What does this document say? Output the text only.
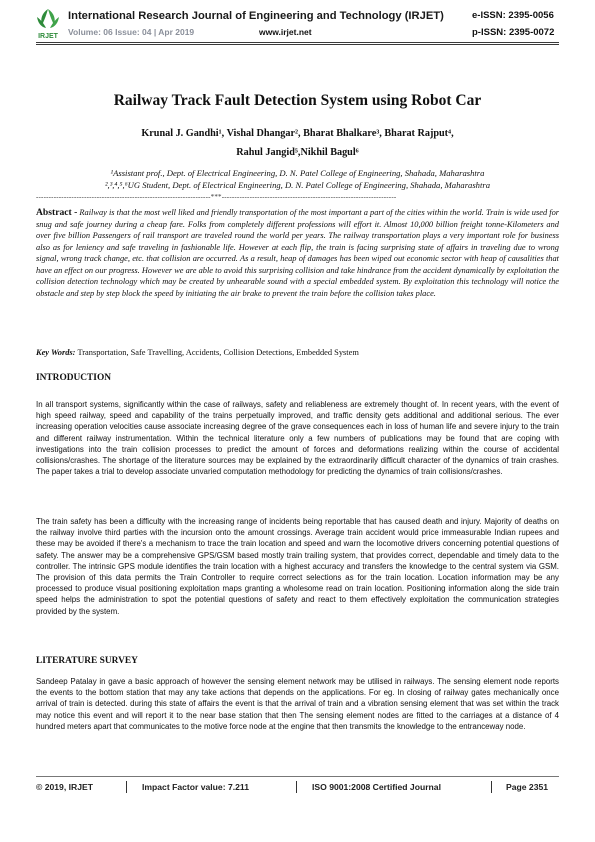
IRJET
International Research Journal of Engineering and Technology (IRJET)	e-ISSN: 2395-0056
Volume: 06 Issue: 04 | Apr 2019	www.irjet.net	p-ISSN: 2395-0072
Railway Track Fault Detection System using Robot Car
Krunal J. Gandhi¹, Vishal Dhangar², Bharat Bhalkare³, Bharat Rajput⁴,
Rahul Jangid⁵,Nikhil Bagul⁶
¹Assistant prof., Dept. of Electrical Engineering, D. N. Patel College of Engineering, Shahada, Maharashtra
²,³,⁴,⁵,⁶UG Student, Dept. of Electrical Engineering, D. N. Patel College of Engineering, Shahada, Maharashtra
---------------------------------------------------------------------***---------------------------------------------------------------------
Abstract - Railway is that the most well liked and friendly transportation of the most important a part of the cities within the world. Train is wide used for snug and safe journey during a cheap fare. Folks from completely different professions will effort it. Almost 10,000 billion freight tonne-Kilometers and over five billion Passengers of rail transport are traveled round the world per years. The railway transportation plays a very important role for business also as for leniency and safe traveling in fashionable life. However at each flip, the train is facing surprising state of affairs in traveling due to wrong signal, wrong track change, etc. that collision are occurred. As a result, heap of damages has been wiped out economic sector with heap of causalities that have an effect on our progress. However we are able to avoid this surprising collision and take hindrance from the accident dynamically by exploitation the collision detection technology which may be created by unhearable sound with a special embedded system. By exploitation this technology will notice the obstacle and step by step block the speed by initiating the air brake to prevent the train before the collision takes place.
Key Words: Transportation, Safe Travelling, Accidents, Collision Detections, Embedded System
INTRODUCTION
In all transport systems, significantly within the case of railways, safety and reliableness are extremely thought of. In recent years, with the event of high speed railway, speed and capability of the trains perpetually improved, and traffic density gets additional and additional serious. The ever increasing operation velocities cause associate increasing degree of the grave consequences each in loss of human life and severe injury to the train and different railway instrumentation. Within the technical literature only a few numbers of publications may be found that are coping with investigations into the train collision processes to predict the amount of forces and deformations realizing within the course of accidental collisions/crashes. The shortage of the literature sources may be explained by the extraordinarily difficult character of the dynamics of train crashes. The paper takes a trial to develop associate unvaried computation methodology for predicting the dynamics of train collisions/crashes.
The train safety has been a difficulty with the increasing range of incidents being reportable that has caused death and injury. Majority of deaths on the railway involve third parties with the incursion onto the amount crossings. Average train accident would price immeasurable Indian rupees and these may be avoided if there's a mechanism to trace the train location and speed and warn the locomotive drivers concerning potential questions of safety. The answer may be a comprehensive GPS/GSM based mostly train trailing system, that provides correct, dependable and timely data to the controller. The intrinsic GPS module identifies the train location with a highest accuracy and transfers the knowledge to the central system via GSM. The provision of this data permits the Train Controller to require correct selections as for the train location. Location information may be any processed to produce visual positioning exploitation maps granting a wholesome read on train location. Positioning information along the side train speed helps the administration to spot the potential questions of safety and react to them effectively exploitation the communication strategies provided by the system.
LITERATURE SURVEY
Sandeep Patalay in gave a basic approach of however the sensing element network may be utilised in railways. The sensing element node reports the events to the bottom station that may any take actions that depends on the applications. For eg. In closing of railway gates mechanically once arrival of train is detected. during this state of affairs the event is that the arrival of train and a vibration sensing element that was set within the track may notice this event and will report it to the near base station that then The sensing element nodes are fitted to the carriages at a distance of 4 hundred meters apart that communicates to the motive force node at the engine that then transmits the knowledge to the entranceway node.
© 2019, IRJET	Impact Factor value: 7.211	ISO 9001:2008 Certified Journal	Page 2351
